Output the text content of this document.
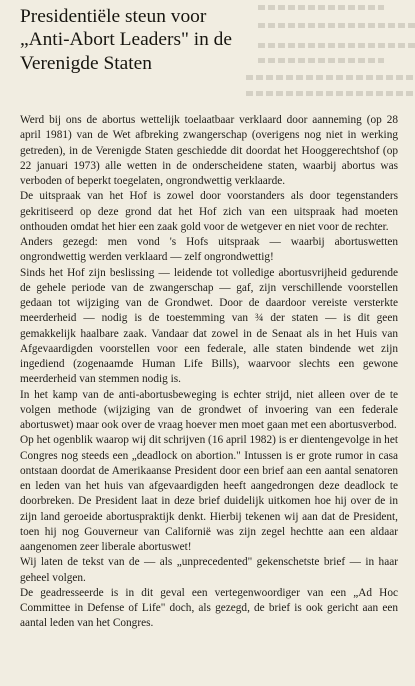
Presidentiële steun voor
„Anti-Abort Leaders" in de
Verenigde Staten

Werd bij ons de abortus wettelijk toelaatbaar verklaard door aanneming (op 28 april 1981) van de Wet afbreking zwangerschap (overigens nog niet in werking getreden), in de Verenigde Staten geschiedde dit doordat het Hooggerechtshof (op 22 januari 1973) alle wetten in de onderscheidene staten, waarbij abortus was verboden of beperkt toegelaten, ongrondwettig verklaarde.

De uitspraak van het Hof is zowel door voorstanders als door tegenstanders gekritiseerd op deze grond dat het Hof zich van een uitspraak had moeten onthouden omdat het hier een zaak gold voor de wetgever en niet voor de rechter.

Anders gezegd: men vond 's Hofs uitspraak — waarbij abortuswetten ongrondwettig werden verklaard — zelf ongrondwettig!

Sinds het Hof zijn beslissing — leidende tot volledige abortusvrijheid gedurende de gehele periode van de zwangerschap — gaf, zijn verschillende voorstellen gedaan tot wijziging van de Grondwet. Door de daardoor vereiste versterkte meerderheid — nodig is de toestemming van ¾ der staten — is dit geen gemakkelijk haalbare zaak. Vandaar dat zowel in de Senaat als in het Huis van Afgevaardigden voorstellen voor een federale, alle staten bindende wet zijn ingediend (zogenaamde Human Life Bills), waarvoor slechts een gewone meerderheid van stemmen nodig is.

In het kamp van de anti-abortusbeweging is echter strijd, niet alleen over de te volgen methode (wijziging van de grondwet of invoering van een federale abortuswet) maar ook over de vraag hoever men moet gaan met een abortusverbod.

Op het ogenblik waarop wij dit schrijven (16 april 1982) is er dientengevolge in het Congres nog steeds een „deadlock on abortion." Intussen is er grote rumor in casa ontstaan doordat de Amerikaanse President door een brief aan een aantal senatoren en leden van het huis van afgevaardigden heeft aangedrongen deze deadlock te doorbreken. De President laat in deze brief duidelijk uitkomen hoe hij over de in zijn land geroeide abortuspraktijk denkt. Hierbij tekenen wij aan dat de President, toen hij nog Gouverneur van Californië was zijn zegel hechtte aan een aldaar aangenomen zeer liberale abortuswet!

Wij laten de tekst van de — als „unprecedented" gekenschetste brief — in haar geheel volgen.

De geadresseerde is in dit geval een vertegenwoordiger van een „Ad Hoc Committee in Defense of Life" doch, als gezegd, de brief is ook gericht aan een aantal leden van het Congres.
